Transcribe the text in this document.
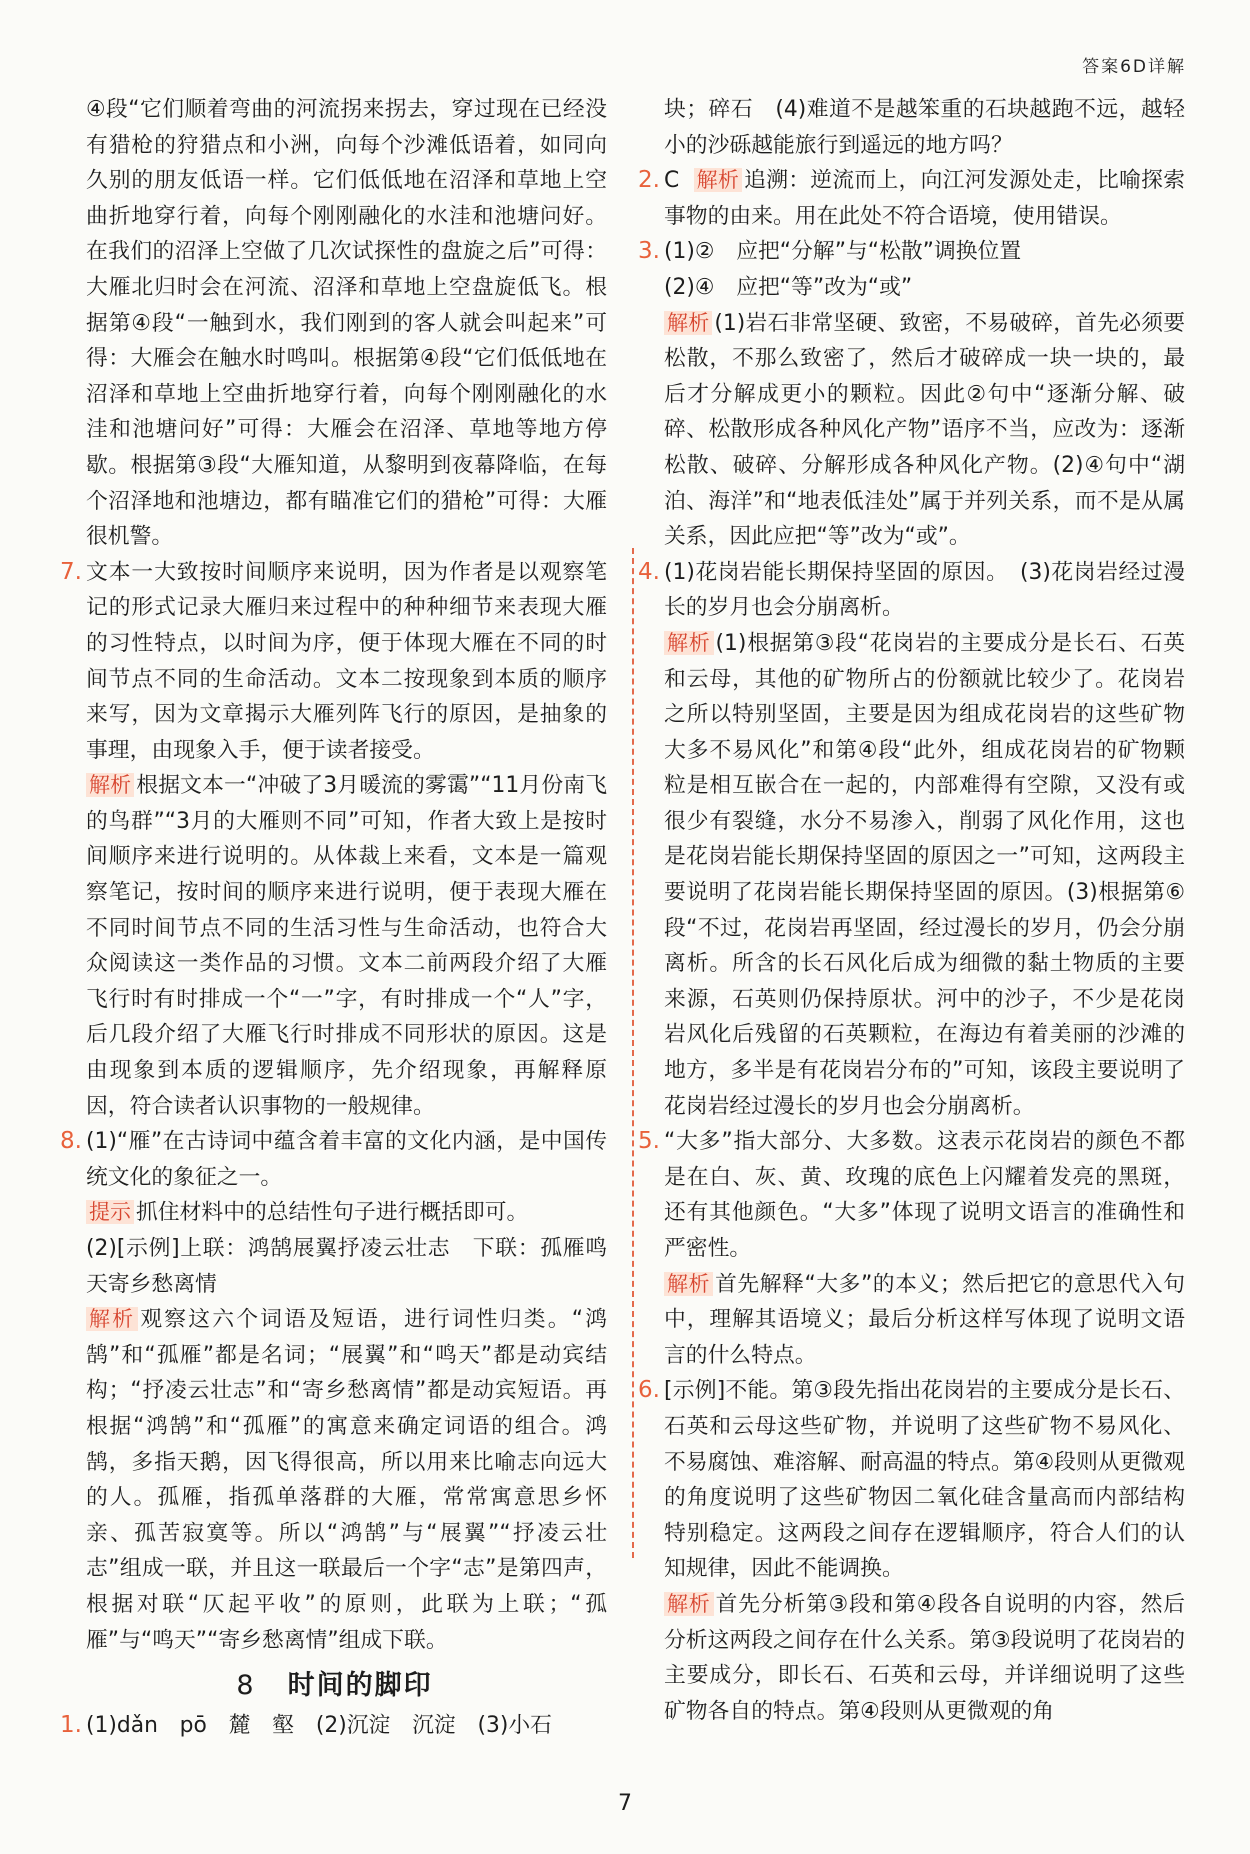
答案6D详解

④段“它们顺着弯曲的河流拐来拐去，穿过现在已经没有猎枪的狩猎点和小洲，向每个沙滩低语着，如同向久别的朋友低语一样。它们低低地在沼泽和草地上空曲折地穿行着，向每个刚刚融化的水洼和池塘问好。在我们的沼泽上空做了几次试探性的盘旋之后”可得：大雁北归时会在河流、沼泽和草地上空盘旋低飞。根据第④段“一触到水，我们刚到的客人就会叫起来”可得：大雁会在触水时鸣叫。根据第④段“它们低低地在沼泽和草地上空曲折地穿行着，向每个刚刚融化的水洼和池塘问好”可得：大雁会在沼泽、草地等地方停歇。根据第③段“大雁知道，从黎明到夜幕降临，在每个沼泽地和池塘边，都有瞄准它们的猎枪”可得：大雁很机警。

7. 文本一大致按时间顺序来说明，因为作者是以观察笔记的形式记录大雁归来过程中的种种细节来表现大雁的习性特点，以时间为序，便于体现大雁在不同的时间节点不同的生命活动。文本二按现象到本质的顺序来写，因为文章揭示大雁列阵飞行的原因，是抽象的事理，由现象入手，便于读者接受。

解析 根据文本一“冲破了3月暖流的雾霭”“11月份南飞的鸟群”“3月的大雁则不同”可知，作者大致上是按时间顺序来进行说明的。从体裁上来看，文本是一篇观察笔记，按时间的顺序来进行说明，便于表现大雁在不同时间节点不同的生活习性与生命活动，也符合大众阅读这一类作品的习惯。文本二前两段介绍了大雁飞行时有时排成一个“一”字，有时排成一个“人”字，后几段介绍了大雁飞行时排成不同形状的原因。这是由现象到本质的逻辑顺序，先介绍现象，再解释原因，符合读者认识事物的一般规律。

8. (1)“雁”在古诗词中蕴含着丰富的文化内涵，是中国传统文化的象征之一。

提示 抓住材料中的总结性句子进行概括即可。

(2)[示例]上联：鸿鹄展翼抒凌云壮志　下联：孤雁鸣天寄乡愁离情

解析 观察这六个词语及短语，进行词性归类。“鸿鹄”和“孤雁”都是名词；“展翼”和“鸣天”都是动宾结构；“抒凌云壮志”和“寄乡愁离情”都是动宾短语。再根据“鸿鹄”和“孤雁”的寓意来确定词语的组合。鸿鹄，多指天鹅，因飞得很高，所以用来比喻志向远大的人。孤雁，指孤单落群的大雁，常常寓意思乡怀亲、孤苦寂寞等。所以“鸿鹄”与“展翼”“抒凌云壮志”组成一联，并且这一联最后一个字“志”是第四声，根据对联“仄起平收”的原则，此联为上联；“孤雁”与“鸣天”“寄乡愁离情”组成下联。

8 时间的脚印
1. (1)dǎn　pō　麓　壑　(2)沉淀　沉淀　(3)小石

块；碎石　(4)难道不是越笨重的石块越跑不远，越轻小的沙砾越能旅行到遥远的地方吗？

2. C 解析 追溯：逆流而上，向江河发源处走，比喻探索事物的由来。用在此处不符合语境，使用错误。

3. (1)②　应把“分解”与“松散”调换位置

(2)④　应把“等”改为“或”

解析 (1)岩石非常坚硬、致密，不易破碎，首先必须要松散，不那么致密了，然后才破碎成一块一块的，最后才分解成更小的颗粒。因此②句中“逐渐分解、破碎、松散形成各种风化产物”语序不当，应改为：逐渐松散、破碎、分解形成各种风化产物。(2)④句中“湖泊、海洋”和“地表低洼处”属于并列关系，而不是从属关系，因此应把“等”改为“或”。

4. (1)花岗岩能长期保持坚固的原因。　(3)花岗岩经过漫长的岁月也会分崩离析。

解析 (1)根据第③段“花岗岩的主要成分是长石、石英和云母，其他的矿物所占的份额就比较少了。花岗岩之所以特别坚固，主要是因为组成花岗岩的这些矿物大多不易风化”和第④段“此外，组成花岗岩的矿物颗粒是相互嵌合在一起的，内部难得有空隙，又没有或很少有裂缝，水分不易渗入，削弱了风化作用，这也是花岗岩能长期保持坚固的原因之一”可知，这两段主要说明了花岗岩能长期保持坚固的原因。(3)根据第⑥段“不过，花岗岩再坚固，经过漫长的岁月，仍会分崩离析。所含的长石风化后成为细微的黏土物质的主要来源，石英则仍保持原状。河中的沙子，不少是花岗岩风化后残留的石英颗粒，在海边有着美丽的沙滩的地方，多半是有花岗岩分布的”可知，该段主要说明了花岗岩经过漫长的岁月也会分崩离析。

5. “大多”指大部分、大多数。这表示花岗岩的颜色不都是在白、灰、黄、玫瑰的底色上闪耀着发亮的黑斑，还有其他颜色。“大多”体现了说明文语言的准确性和严密性。

解析 首先解释“大多”的本义；然后把它的意思代入句中，理解其语境义；最后分析这样写体现了说明文语言的什么特点。

6. [示例]不能。第③段先指出花岗岩的主要成分是长石、石英和云母这些矿物，并说明了这些矿物不易风化、不易腐蚀、难溶解、耐高温的特点。第④段则从更微观的角度说明了这些矿物因二氧化硅含量高而内部结构特别稳定。这两段之间存在逻辑顺序，符合人们的认知规律，因此不能调换。

解析 首先分析第③段和第④段各自说明的内容，然后分析这两段之间存在什么关系。第③段说明了花岗岩的主要成分，即长石、石英和云母，并详细说明了这些矿物各自的特点。第④段则从更微观的角

7
